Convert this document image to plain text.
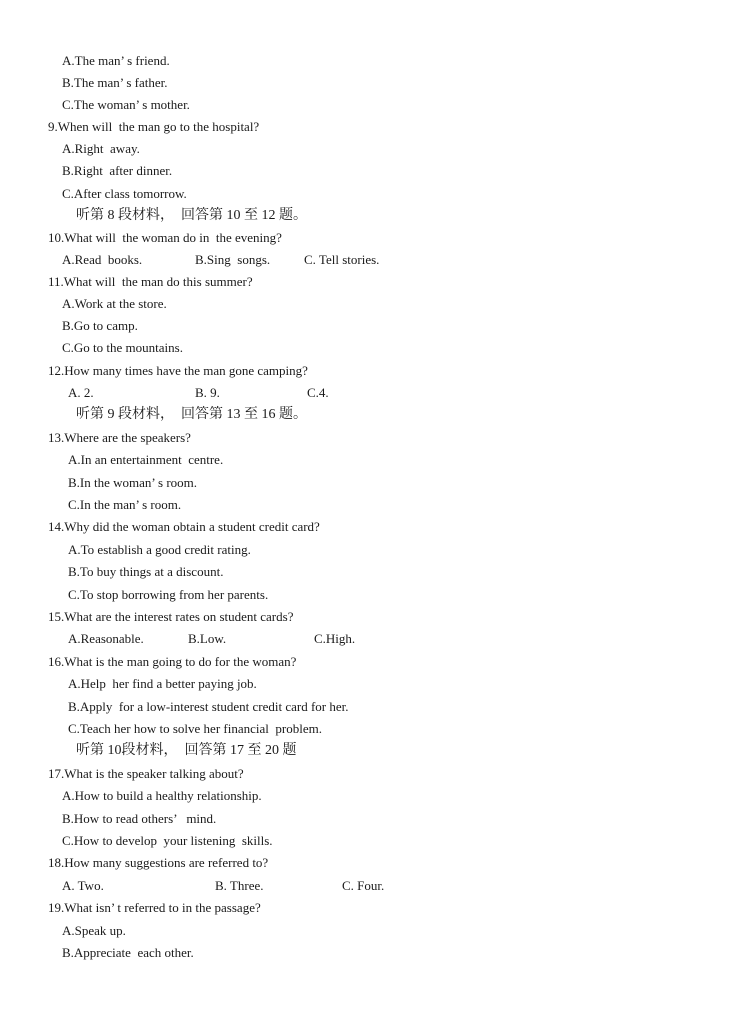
A.The man’ s friend.
B.The man’ s father.
C.The woman’ s mother.
9.When will  the man go to the hospital?
A.Right  away.
B.Right  after dinner.
C.After class tomorrow.
听第 8 段材料，  回答第 10 至 12 题。
10.What will  the woman do in  the evening?
A.Read  books.	B.Sing  songs.	C. Tell stories.
11.What will  the man do this summer?
A.Work at the store.
B.Go to camp.
C.Go to the mountains.
12.How many times have the man gone camping?
A. 2.	B. 9.	C.4.
听第 9 段材料，  回答第 13 至 16 题。
13.Where are the speakers?
A.In an entertainment  centre.
B.In the woman’ s room.
C.In the man’ s room.
14.Why did the woman obtain a student credit card?
A.To establish a good credit rating.
B.To buy things at a discount.
C.To stop borrowing from her parents.
15.What are the interest rates on student cards?
A.Reasonable.	B.Low.	C.High.
16.What is the man going to do for the woman?
A.Help  her find a better paying job.
B.Apply  for a low-interest student credit card for her.
C.Teach her how to solve her financial  problem.
听第 10段材料，  回答第 17 至 20 题
17.What is the speaker talking about?
A.How to build a healthy relationship.
B.How to read others’   mind.
C.How to develop  your listening  skills.
18.How many suggestions are referred to?
A. Two.	B. Three.	C. Four.
19.What isn’ t referred to in the passage?
A.Speak up.
B.Appreciate  each other.
